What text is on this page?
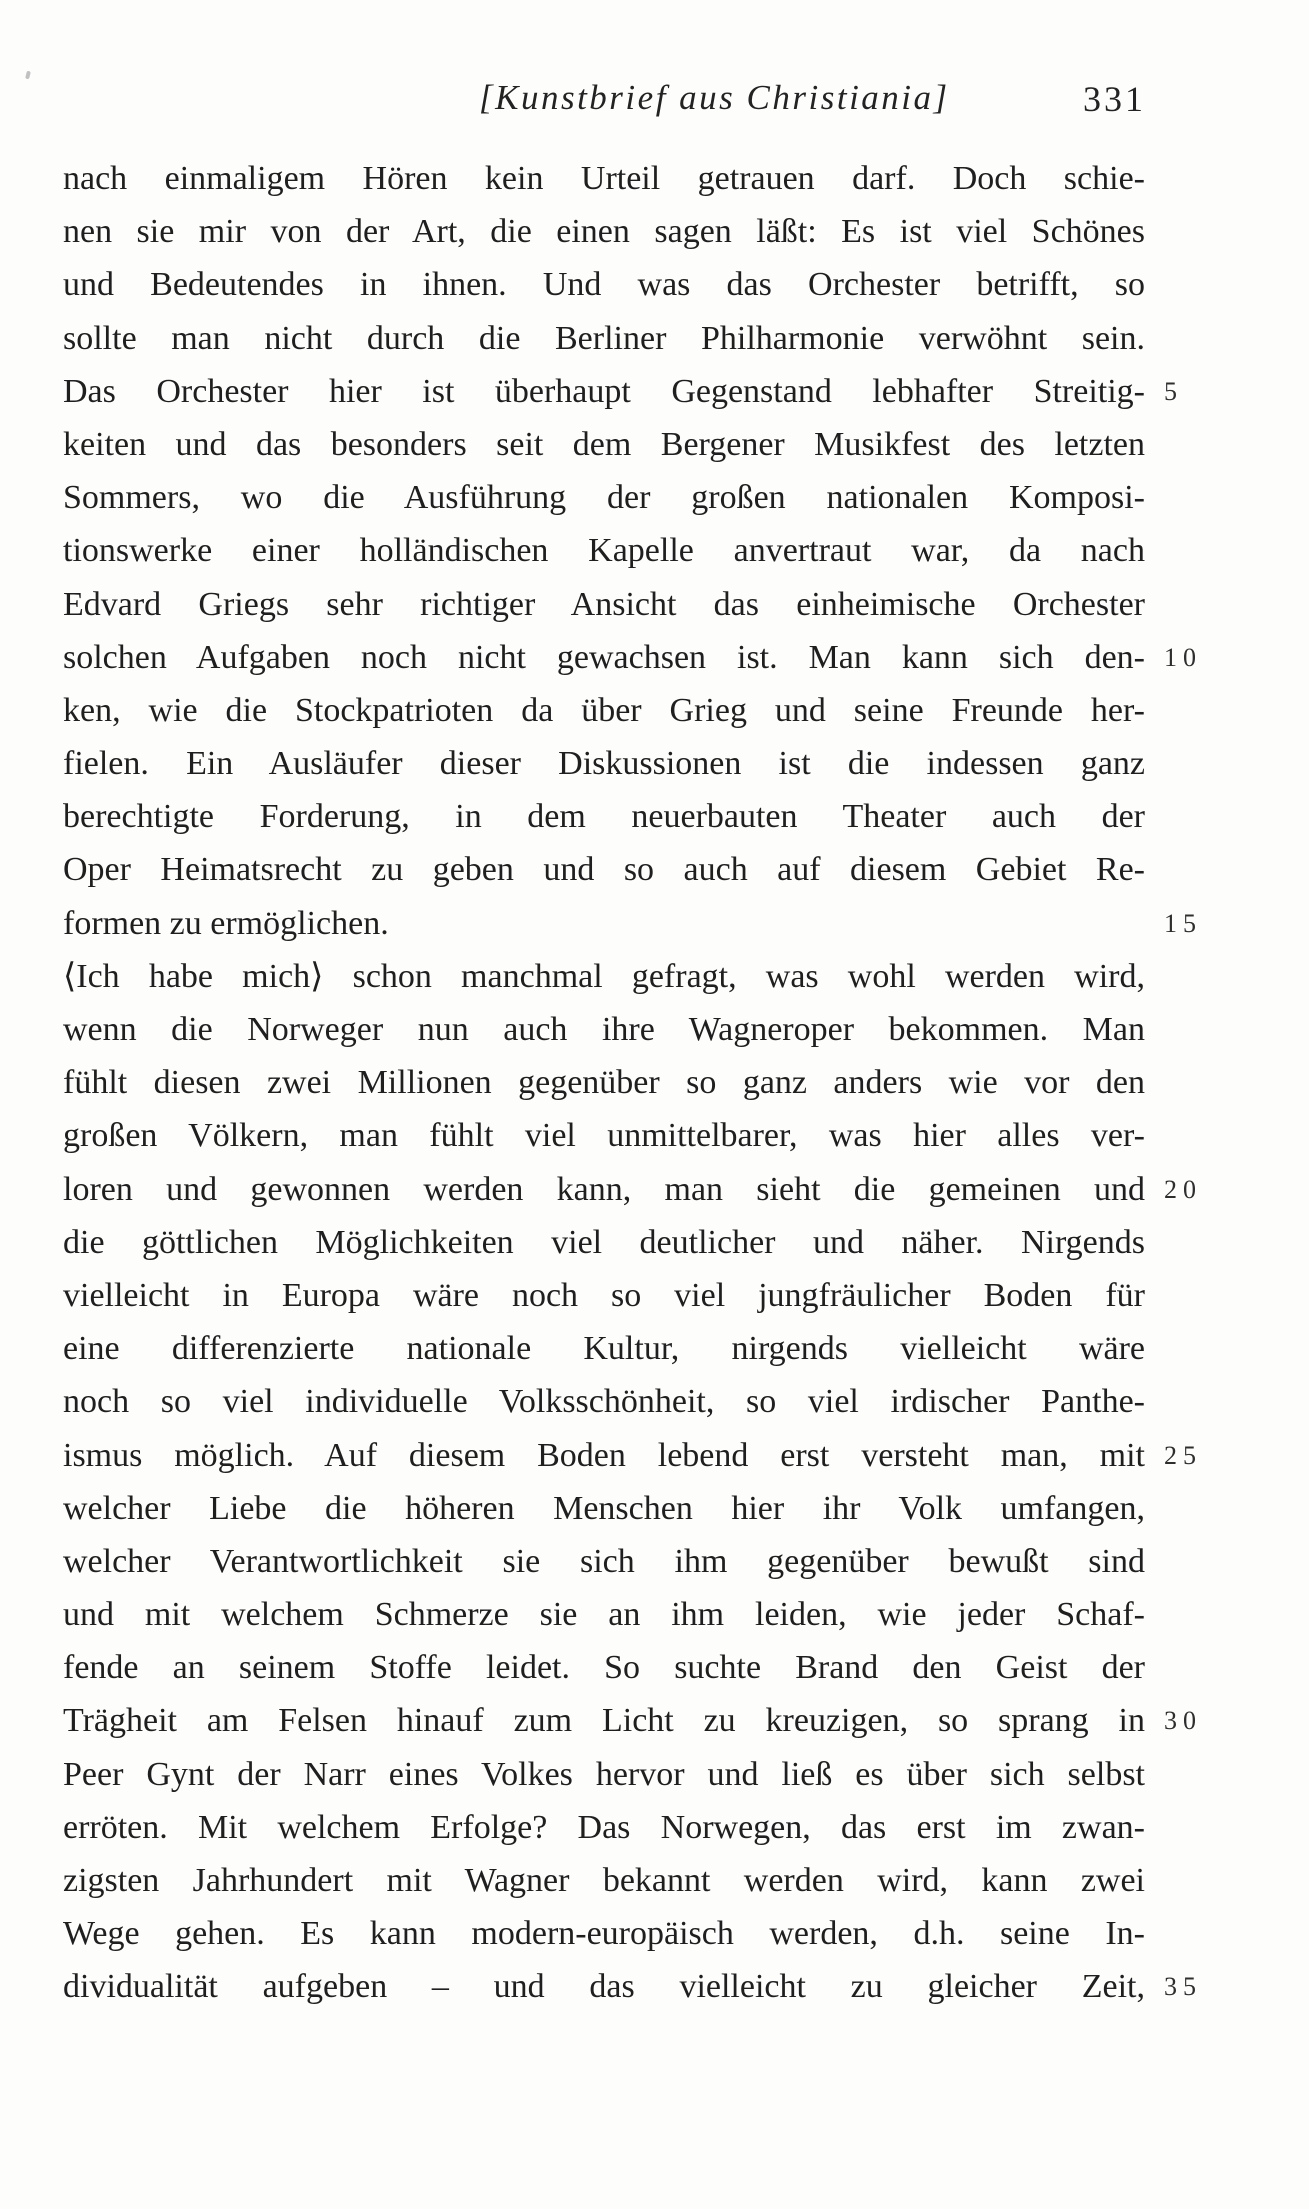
[Kunstbrief aus Christiania]	331
nach einmaligem Hören kein Urteil getrauen darf. Doch schie-
nen sie mir von der Art, die einen sagen läßt: Es ist viel Schönes
und Bedeutendes in ihnen. Und was das Orchester betrifft, so
sollte man nicht durch die Berliner Philharmonie verwöhnt sein.
Das Orchester hier ist überhaupt Gegenstand lebhafter Streitig- 5
keiten und das besonders seit dem Bergener Musikfest des letzten
Sommers, wo die Ausführung der großen nationalen Komposi-
tionswerke einer holländischen Kapelle anvertraut war, da nach
Edvard Griegs sehr richtiger Ansicht das einheimische Orchester
solchen Aufgaben noch nicht gewachsen ist. Man kann sich den- 10
ken, wie die Stockpatrioten da über Grieg und seine Freunde her-
fielen. Ein Ausläufer dieser Diskussionen ist die indessen ganz
berechtigte Forderung, in dem neuerbauten Theater auch der
Oper Heimatsrecht zu geben und so auch auf diesem Gebiet Re-
formen zu ermöglichen.	15
⟨Ich habe mich⟩ schon manchmal gefragt, was wohl werden wird,
wenn die Norweger nun auch ihre Wagneroper bekommen. Man
fühlt diesen zwei Millionen gegenüber so ganz anders wie vor den
großen Völkern, man fühlt viel unmittelbarer, was hier alles ver-
loren und gewonnen werden kann, man sieht die gemeinen und 20
die göttlichen Möglichkeiten viel deutlicher und näher. Nirgends
vielleicht in Europa wäre noch so viel jungfräulicher Boden für
eine differenzierte nationale Kultur, nirgends vielleicht wäre
noch so viel individuelle Volksschönheit, so viel irdischer Panthe-
ismus möglich. Auf diesem Boden lebend erst versteht man, mit 25
welcher Liebe die höheren Menschen hier ihr Volk umfangen,
welcher Verantwortlichkeit sie sich ihm gegenüber bewußt sind
und mit welchem Schmerze sie an ihm leiden, wie jeder Schaf-
fende an seinem Stoffe leidet. So suchte Brand den Geist der
Trägheit am Felsen hinauf zum Licht zu kreuzigen, so sprang in 30
Peer Gynt der Narr eines Volkes hervor und ließ es über sich selbst
erröten. Mit welchem Erfolge? Das Norwegen, das erst im zwan-
zigsten Jahrhundert mit Wagner bekannt werden wird, kann zwei
Wege gehen. Es kann modern-europäisch werden, d.h. seine In-
dividualität aufgeben – und das vielleicht zu gleicher Zeit, 35
